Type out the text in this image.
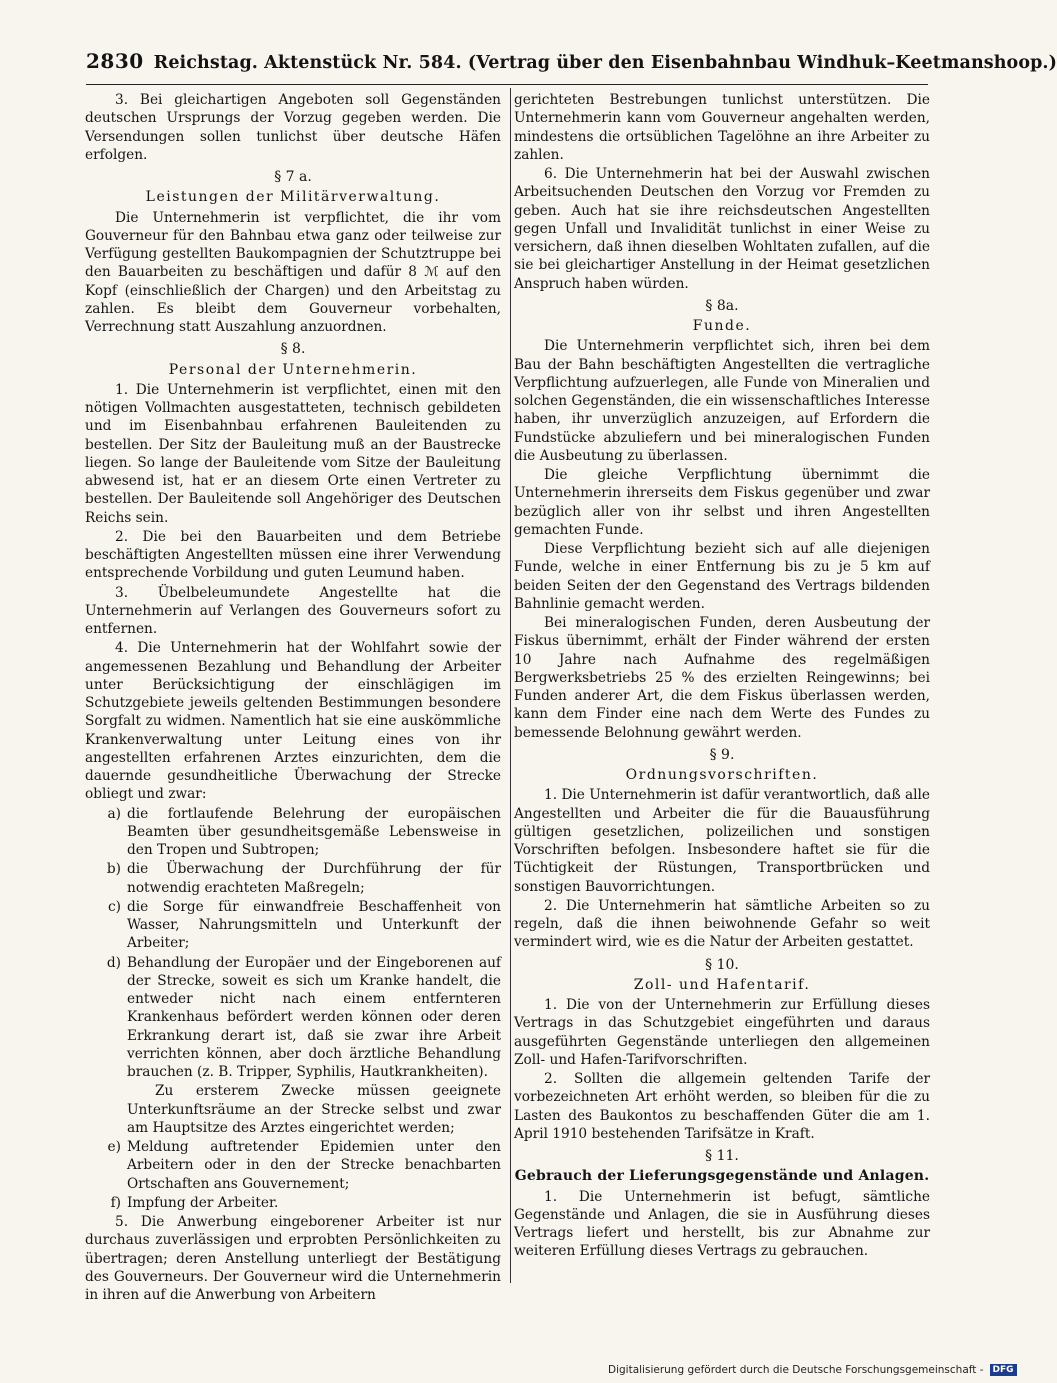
2830 Reichstag. Aktenstück Nr. 584. (Vertrag über den Eisenbahnbau Windhuk–Keetmanshoop.)

3. Bei gleichartigen Angeboten soll Gegenständen deutschen Ursprungs der Vorzug gegeben werden. Die Versendungen sollen tunlichst über deutsche Häfen erfolgen.

§ 7 a.
Leistungen der Militärverwaltung.

Die Unternehmerin ist verpflichtet, die ihr vom Gouverneur für den Bahnbau etwa ganz oder teilweise zur Verfügung gestellten Baukompagnien der Schutztruppe bei den Bauarbeiten zu beschäftigen und dafür 8 ℳ auf den Kopf (einschließlich der Chargen) und den Arbeitstag zu zahlen. Es bleibt dem Gouverneur vorbehalten, Verrechnung statt Auszahlung anzuordnen.

§ 8.
Personal der Unternehmerin.

1. Die Unternehmerin ist verpflichtet, einen mit den nötigen Vollmachten ausgestatteten, technisch gebildeten und im Eisenbahnbau erfahrenen Bauleitenden zu bestellen. Der Sitz der Bauleitung muß an der Baustrecke liegen. So lange der Bauleitende vom Sitze der Bauleitung abwesend ist, hat er an diesem Orte einen Vertreter zu bestellen. Der Bauleitende soll Angehöriger des Deutschen Reichs sein.

2. Die bei den Bauarbeiten und dem Betriebe beschäftigten Angestellten müssen eine ihrer Verwendung entsprechende Vorbildung und guten Leumund haben.

3. Übelbeleumundete Angestellte hat die Unternehmerin auf Verlangen des Gouverneurs sofort zu entfernen.

4. Die Unternehmerin hat der Wohlfahrt sowie der angemessenen Bezahlung und Behandlung der Arbeiter unter Berücksichtigung der einschlägigen im Schutzgebiete jeweils geltenden Bestimmungen besondere Sorgfalt zu widmen. Namentlich hat sie eine auskömmliche Krankenverwaltung unter Leitung eines von ihr angestellten erfahrenen Arztes einzurichten, dem die dauernde gesundheitliche Überwachung der Strecke obliegt und zwar:

a) die fortlaufende Belehrung der europäischen Beamten über gesundheitsgemäße Lebensweise in den Tropen und Subtropen;
b) die Überwachung der Durchführung der für notwendig erachteten Maßregeln;
c) die Sorge für einwandfreie Beschaffenheit von Wasser, Nahrungsmitteln und Unterkunft der Arbeiter;
d) Behandlung der Europäer und der Eingeborenen auf der Strecke, soweit es sich um Kranke handelt, die entweder nicht nach einem entfernteren Krankenhaus befördert werden können oder deren Erkrankung derart ist, daß sie zwar ihre Arbeit verrichten können, aber doch ärztliche Behandlung brauchen (z. B. Tripper, Syphilis, Hautkrankheiten).

Zu ersterem Zwecke müssen geeignete Unterkunftsräume an der Strecke selbst und zwar am Hauptsitze des Arztes eingerichtet werden;

e) Meldung auftretender Epidemien unter den Arbeitern oder in den der Strecke benachbarten Ortschaften ans Gouvernement;
f) Impfung der Arbeiter.

5. Die Anwerbung eingeborener Arbeiter ist nur durchaus zuverlässigen und erprobten Persönlichkeiten zu übertragen; deren Anstellung unterliegt der Bestätigung des Gouverneurs. Der Gouverneur wird die Unternehmerin in ihren auf die Anwerbung von Arbeitern

gerichteten Bestrebungen tunlichst unterstützen. Die Unternehmerin kann vom Gouverneur angehalten werden, mindestens die ortsüblichen Tagelöhne an ihre Arbeiter zu zahlen.

6. Die Unternehmerin hat bei der Auswahl zwischen Arbeitsuchenden Deutschen den Vorzug vor Fremden zu geben. Auch hat sie ihre reichsdeutschen Angestellten gegen Unfall und Invalidität tunlichst in einer Weise zu versichern, daß ihnen dieselben Wohltaten zufallen, auf die sie bei gleichartiger Anstellung in der Heimat gesetzlichen Anspruch haben würden.

§ 8a.
Funde.

Die Unternehmerin verpflichtet sich, ihren bei dem Bau der Bahn beschäftigten Angestellten die vertragliche Verpflichtung aufzuerlegen, alle Funde von Mineralien und solchen Gegenständen, die ein wissenschaftliches Interesse haben, ihr unverzüglich anzuzeigen, auf Erfordern die Fundstücke abzuliefern und bei mineralogischen Funden die Ausbeutung zu überlassen.

Die gleiche Verpflichtung übernimmt die Unternehmerin ihrerseits dem Fiskus gegenüber und zwar bezüglich aller von ihr selbst und ihren Angestellten gemachten Funde.

Diese Verpflichtung bezieht sich auf alle diejenigen Funde, welche in einer Entfernung bis zu je 5 km auf beiden Seiten der den Gegenstand des Vertrags bildenden Bahnlinie gemacht werden.

Bei mineralogischen Funden, deren Ausbeutung der Fiskus übernimmt, erhält der Finder während der ersten 10 Jahre nach Aufnahme des regelmäßigen Bergwerksbetriebs 25 % des erzielten Reingewinns; bei Funden anderer Art, die dem Fiskus überlassen werden, kann dem Finder eine nach dem Werte des Fundes zu bemessende Belohnung gewährt werden.

§ 9.
Ordnungsvorschriften.

1. Die Unternehmerin ist dafür verantwortlich, daß alle Angestellten und Arbeiter die für die Bauausführung gültigen gesetzlichen, polizeilichen und sonstigen Vorschriften befolgen. Insbesondere haftet sie für die Tüchtigkeit der Rüstungen, Transportbrücken und sonstigen Bauvorrichtungen.

2. Die Unternehmerin hat sämtliche Arbeiten so zu regeln, daß die ihnen beiwohnende Gefahr so weit vermindert wird, wie es die Natur der Arbeiten gestattet.

§ 10.
Zoll- und Hafentarif.

1. Die von der Unternehmerin zur Erfüllung dieses Vertrags in das Schutzgebiet eingeführten und daraus ausgeführten Gegenstände unterliegen den allgemeinen Zoll- und Hafen-Tarifvorschriften.

2. Sollten die allgemein geltenden Tarife der vorbezeichneten Art erhöht werden, so bleiben für die zu Lasten des Baukontos zu beschaffenden Güter die am 1. April 1910 bestehenden Tarifsätze in Kraft.

§ 11.
Gebrauch der Lieferungsgegenstände und Anlagen.

1. Die Unternehmerin ist befugt, sämtliche Gegenstände und Anlagen, die sie in Ausführung dieses Vertrags liefert und herstellt, bis zur Abnahme zur weiteren Erfüllung dieses Vertrags zu gebrauchen.

Digitalisierung gefördert durch die Deutsche Forschungsgemeinschaft - DFG
